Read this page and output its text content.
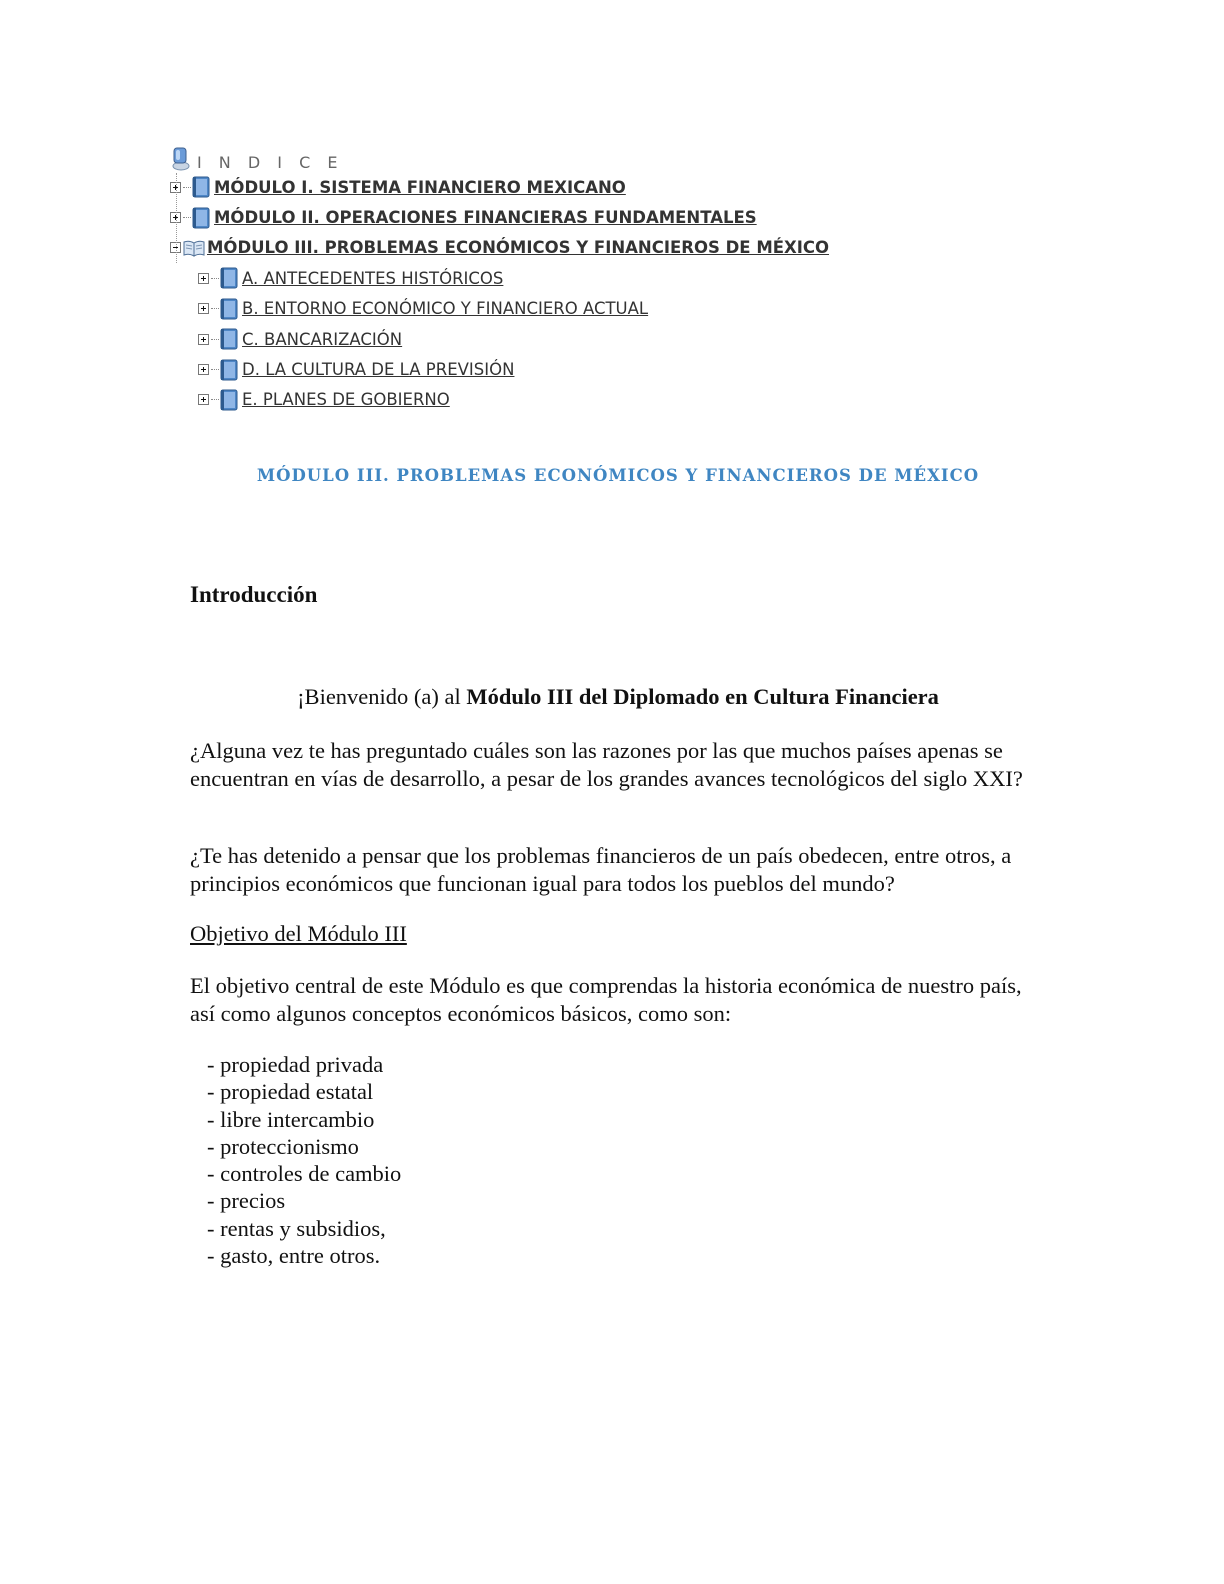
I N D I C E
MÓDULO I. SISTEMA FINANCIERO MEXICANO
MÓDULO II. OPERACIONES FINANCIERAS FUNDAMENTALES
MÓDULO III. PROBLEMAS ECONÓMICOS Y FINANCIEROS DE MÉXICO
A. ANTECEDENTES HISTÓRICOS
B. ENTORNO ECONÓMICO Y FINANCIERO ACTUAL
C. BANCARIZACIÓN
D. LA CULTURA DE LA PREVISIÓN
E. PLANES DE GOBIERNO
MÓDULO III. PROBLEMAS ECONÓMICOS Y FINANCIEROS DE MÉXICO
Introducción
¡Bienvenido (a) al Módulo III del Diplomado en Cultura Financiera

¿Alguna vez te has preguntado cuáles son las razones por las que muchos países apenas se encuentran en vías de desarrollo, a pesar de los grandes avances tecnológicos del siglo XXI?

¿Te has detenido a pensar que los problemas financieros de un país obedecen, entre otros, a principios económicos que funcionan igual para todos los pueblos del mundo?

Objetivo del Módulo III

El objetivo central de este Módulo es que comprendas la historia económica de nuestro país, así como algunos conceptos económicos básicos, como son:

- propiedad privada
- propiedad estatal
- libre intercambio
- proteccionismo
- controles de cambio
- precios
- rentas y subsidios,
- gasto, entre otros.
